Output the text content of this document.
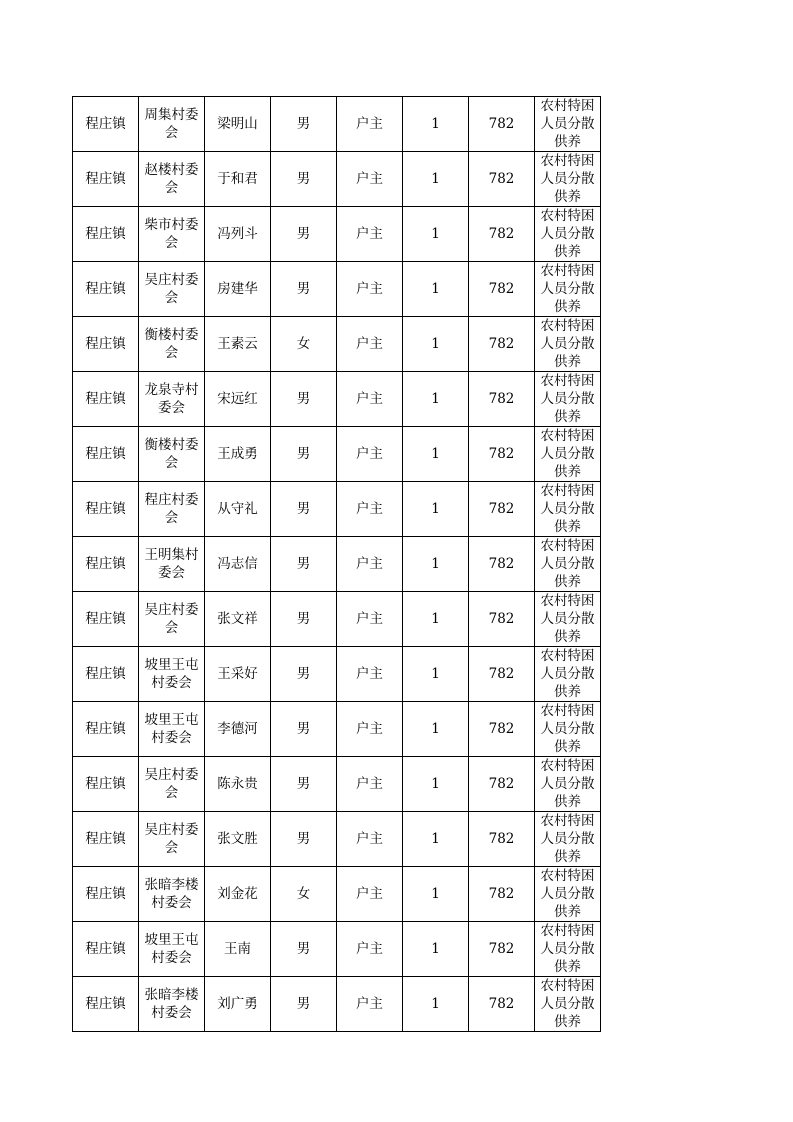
程庄镇	周集村委会	梁明山	男	户主	1	782	农村特困人员分散供养
程庄镇	赵楼村委会	于和君	男	户主	1	782	农村特困人员分散供养
程庄镇	柴市村委会	冯列斗	男	户主	1	782	农村特困人员分散供养
程庄镇	吴庄村委会	房建华	男	户主	1	782	农村特困人员分散供养
程庄镇	衡楼村委会	王素云	女	户主	1	782	农村特困人员分散供养
程庄镇	龙泉寺村委会	宋远红	男	户主	1	782	农村特困人员分散供养
程庄镇	衡楼村委会	王成勇	男	户主	1	782	农村特困人员分散供养
程庄镇	程庄村委会	从守礼	男	户主	1	782	农村特困人员分散供养
程庄镇	王明集村委会	冯志信	男	户主	1	782	农村特困人员分散供养
程庄镇	吴庄村委会	张文祥	男	户主	1	782	农村特困人员分散供养
程庄镇	坡里王屯村委会	王采好	男	户主	1	782	农村特困人员分散供养
程庄镇	坡里王屯村委会	李德河	男	户主	1	782	农村特困人员分散供养
程庄镇	吴庄村委会	陈永贵	男	户主	1	782	农村特困人员分散供养
程庄镇	吴庄村委会	张文胜	男	户主	1	782	农村特困人员分散供养
程庄镇	张暗李楼村委会	刘金花	女	户主	1	782	农村特困人员分散供养
程庄镇	坡里王屯村委会	王南	男	户主	1	782	农村特困人员分散供养
程庄镇	张暗李楼村委会	刘广勇	男	户主	1	782	农村特困人员分散供养
